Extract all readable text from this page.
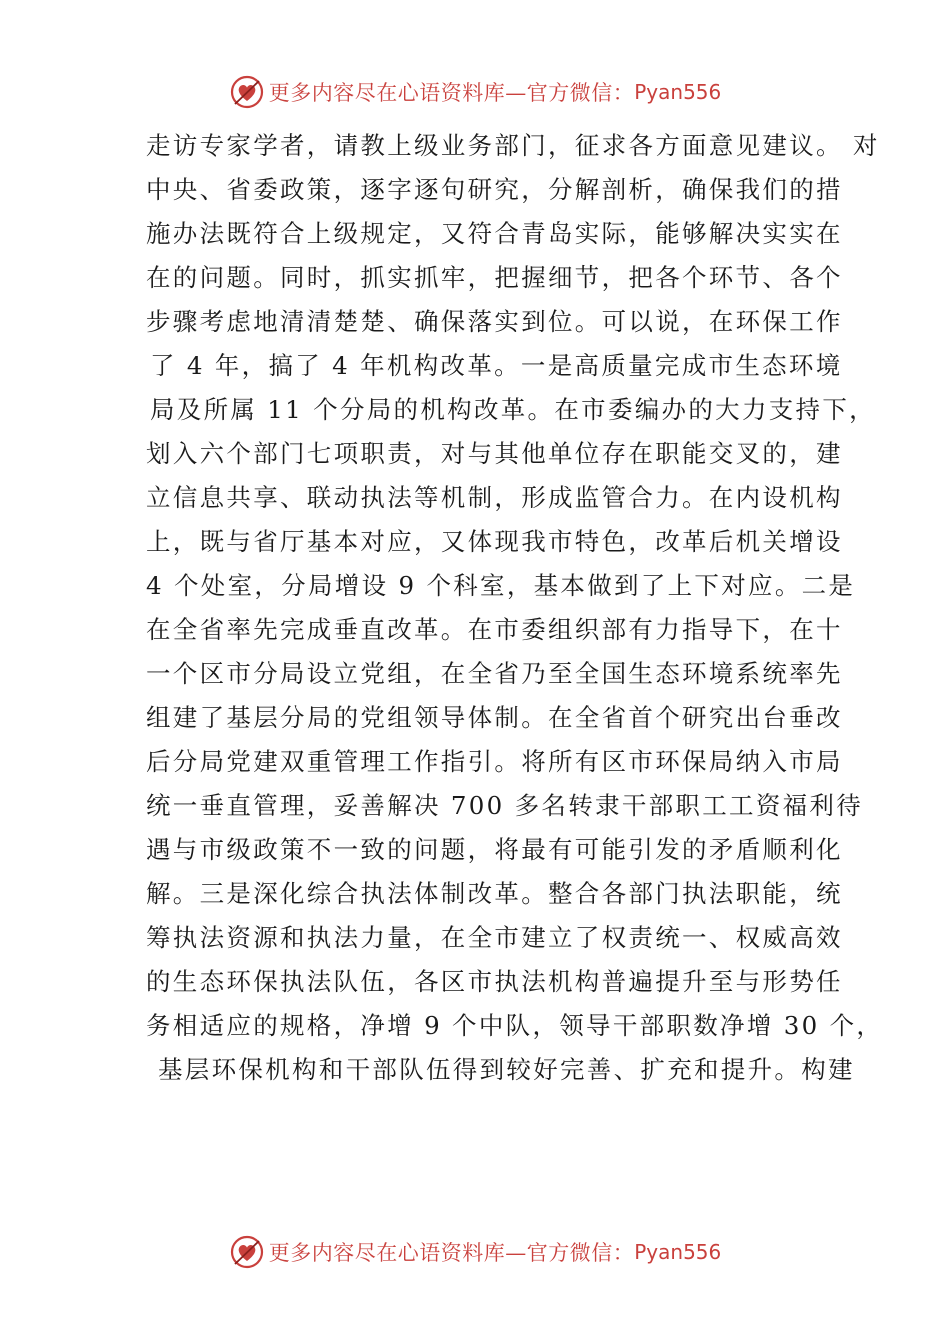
更多内容尽在心语资料库—官方微信： Pyan556
走访专家学者，请教上级业务部门，征求各方面意见建议。 对
中央、省委政策，逐字逐句研究，分解剖析，确保我们的措
施办法既符合上级规定，又符合青岛实际，能够解决实实在
在的问题。同时，抓实抓牢，把握细节，把各个环节、各个
步骤考虑地清清楚楚、确保落实到位。可以说，在环保工作
了 4 年，搞了 4 年机构改革。一是高质量完成市生态环境
局及所属 11 个分局的机构改革。在市委编办的大力支持下，
划入六个部门七项职责，对与其他单位存在职能交叉的，建
立信息共享、联动执法等机制，形成监管合力。在内设机构
上，既与省厅基本对应，又体现我市特色，改革后机关增设
4 个处室，分局增设 9 个科室，基本做到了上下对应。二是
在全省率先完成垂直改革。在市委组织部有力指导下，在十
一个区市分局设立党组，在全省乃至全国生态环境系统率先
组建了基层分局的党组领导体制。在全省首个研究出台垂改
后分局党建双重管理工作指引。将所有区市环保局纳入市局
统一垂直管理，妥善解决 700 多名转隶干部职工工资福利待
遇与市级政策不一致的问题，将最有可能引发的矛盾顺利化
解。三是深化综合执法体制改革。整合各部门执法职能，统
筹执法资源和执法力量，在全市建立了权责统一、权威高效
的生态环保执法队伍，各区市执法机构普遍提升至与形势任
务相适应的规格，净增 9 个中队，领导干部职数净增 30 个，
基层环保机构和干部队伍得到较好完善、扩充和提升。构建
更多内容尽在心语资料库—官方微信： Pyan556
